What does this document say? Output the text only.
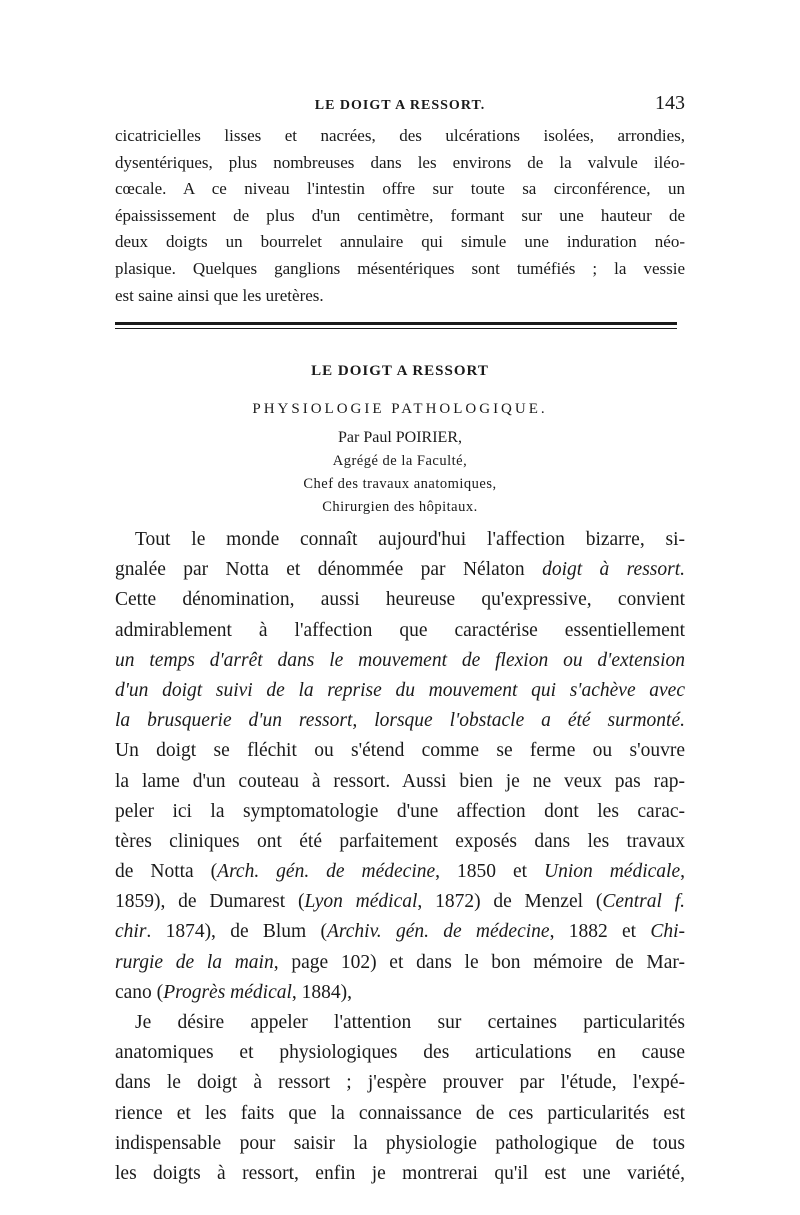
LE DOIGT A RESSORT.	143
cicatricielles lisses et nacrées, des ulcérations isolées, arrondies,
dysentériques, plus nombreuses dans les environs de la valvule iléo-
cœcale. A ce niveau l'intestin offre sur toute sa circonférence, un
épaississement de plus d'un centimètre, formant sur une hauteur de
deux doigts un bourrelet annulaire qui simule une induration néo-
plasique. Quelques ganglions mésentériques sont tuméfiés ; la vessie
est saine ainsi que les uretères.
LE DOIGT A RESSORT
PHYSIOLOGIE PATHOLOGIQUE.
Par Paul POIRIER,
Agrégé de la Faculté,
Chef des travaux anatomiques,
Chirurgien des hôpitaux.
Tout le monde connaît aujourd'hui l'affection bizarre, si-
gnalée par Notta et dénommée par Nélaton doigt à ressort.
Cette dénomination, aussi heureuse qu'expressive, convient
admirablement à l'affection que caractérise essentiellement
un temps d'arrêt dans le mouvement de flexion ou d'extension
d'un doigt suivi de la reprise du mouvement qui s'achève avec
la brusquerie d'un ressort, lorsque l'obstacle a été surmonté.
Un doigt se fléchit ou s'étend comme se ferme ou s'ouvre
la lame d'un couteau à ressort. Aussi bien je ne veux pas rap-
peler ici la symptomatologie d'une affection dont les carac-
tères cliniques ont été parfaitement exposés dans les travaux
de Notta (Arch. gén. de médecine, 1850 et Union médicale,
1859), de Dumarest (Lyon médical, 1872) de Menzel (Central f.
chir. 1874), de Blum (Archiv. gén. de médecine, 1882 et Chi-
rurgie de la main, page 102) et dans le bon mémoire de Mar-
cano (Progrès médical, 1884),
Je désire appeler l'attention sur certaines particularités
anatomiques et physiologiques des articulations en cause
dans le doigt à ressort ; j'espère prouver par l'étude, l'expé-
rience et les faits que la connaissance de ces particularités est
indispensable pour saisir la physiologie pathologique de tous
les doigts à ressort, enfin je montrerai qu'il est une variété,
